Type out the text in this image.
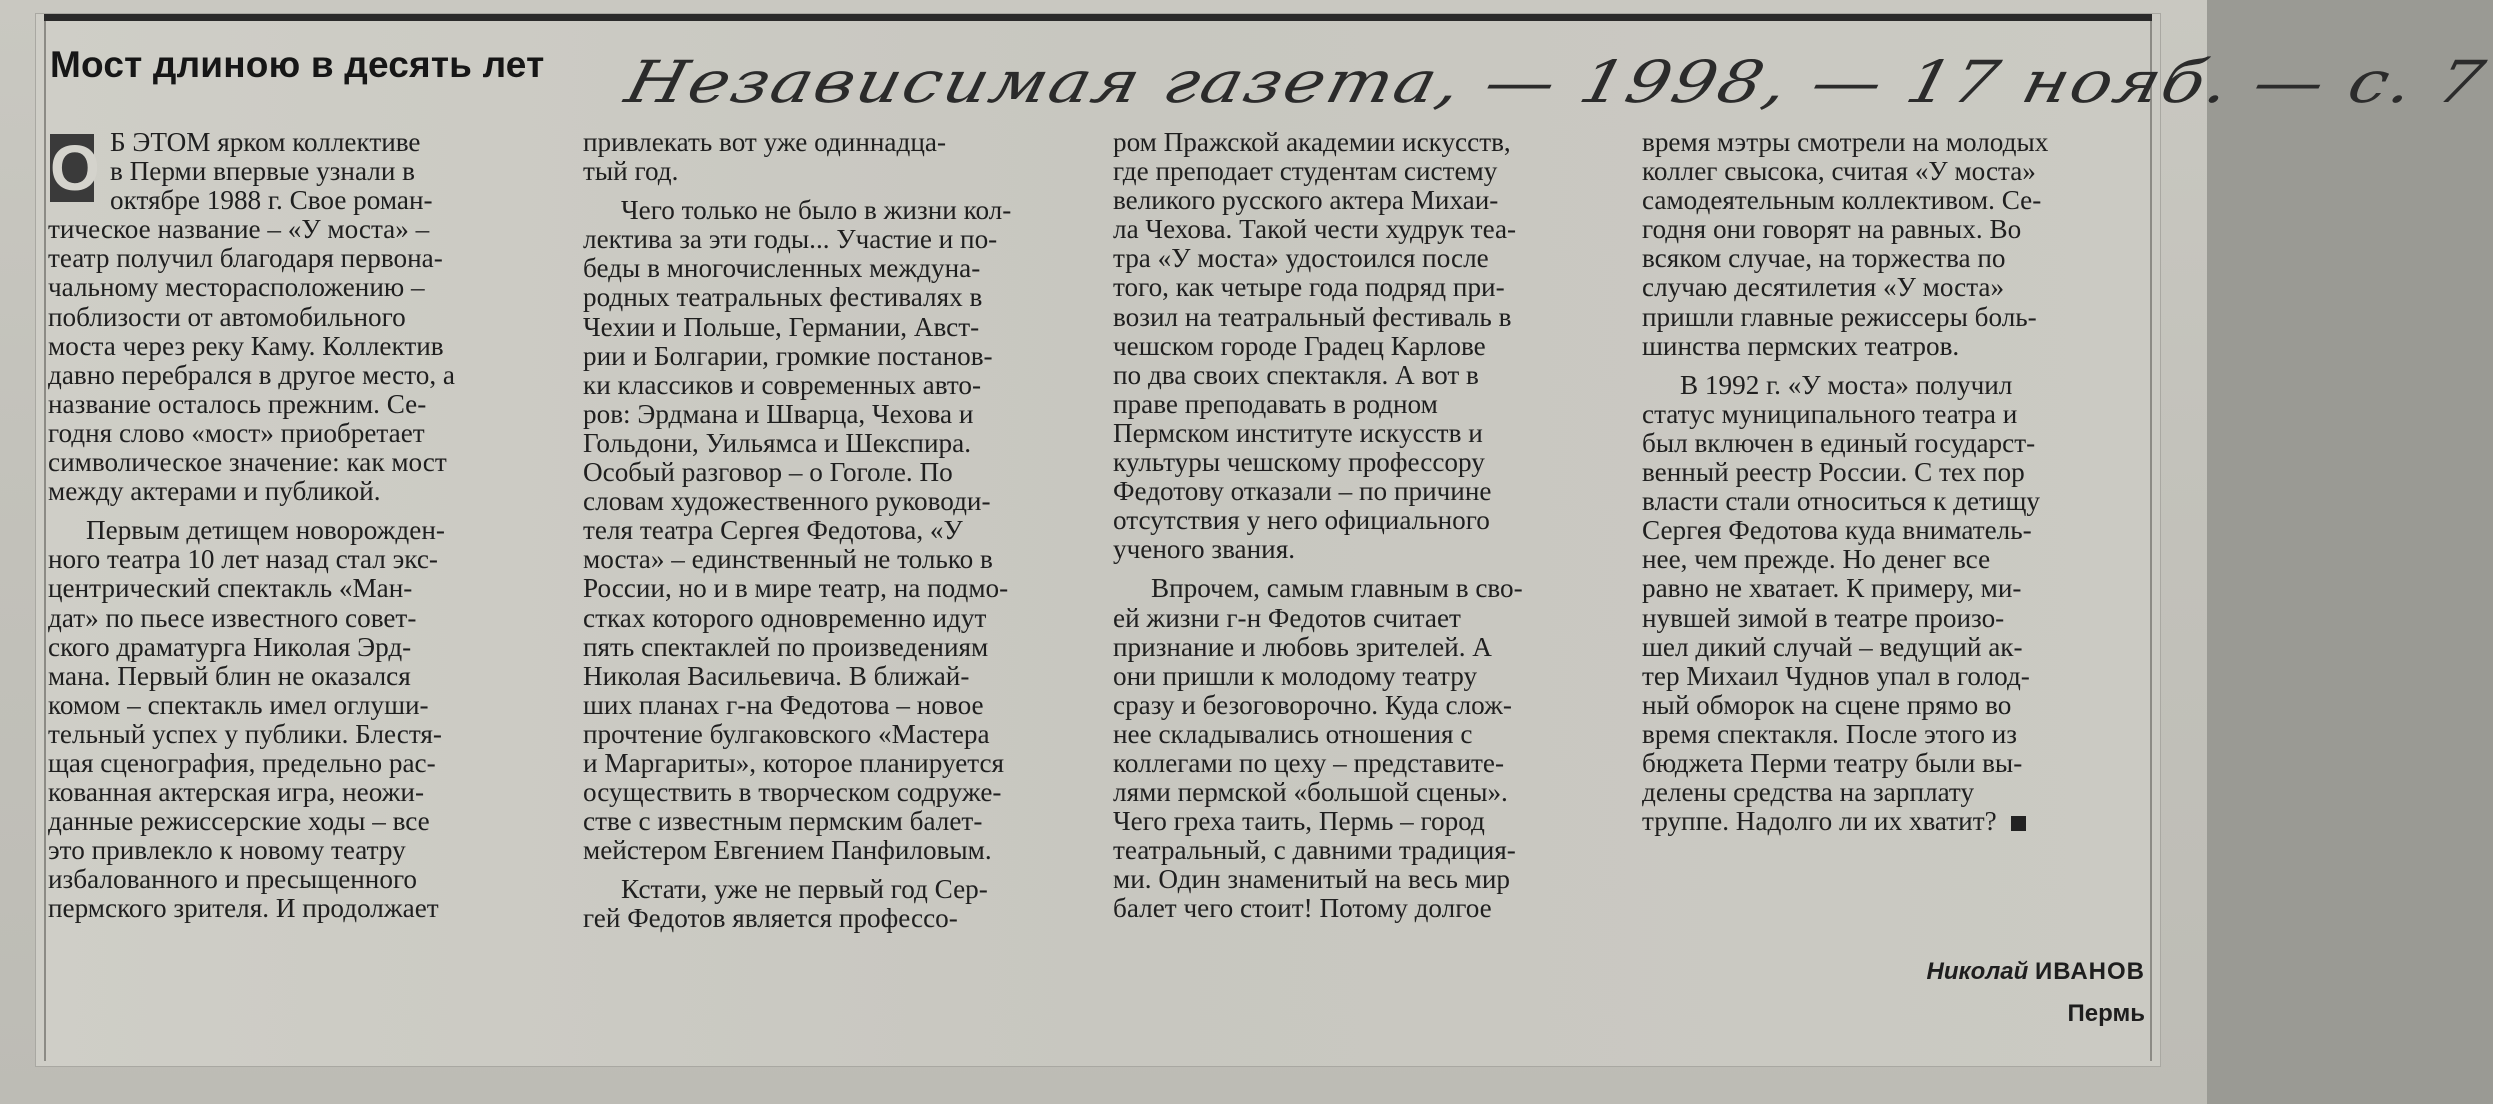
Мост длиною в десять лет Независимая газета, — 1998, — 17 нояб. — с. 7
О Б ЭТОМ ярком коллективе
в Перми впервые узнали в
октябре 1988 г. Свое роман-
тическое название – «У моста» –
театр получил благодаря первона-
чальному месторасположению –
поблизости от автомобильного
моста через реку Каму. Коллектив
давно перебрался в другое место, а
название осталось прежним. Се-
годня слово «мост» приобретает
символическое значение: как мост
между актерами и публикой.
Первым детищем новорожден-
ного театра 10 лет назад стал экс-
центрический спектакль «Ман-
дат» по пьесе известного совет-
ского драматурга Николая Эрд-
мана. Первый блин не оказался
комом – спектакль имел оглуши-
тельный успех у публики. Блестя-
щая сценография, предельно рас-
кованная актерская игра, неожи-
данные режиссерские ходы – все
это привлекло к новому театру
избалованного и пресыщенного
пермского зрителя. И продолжает
привлекать вот уже одиннадца-
тый год.
Чего только не было в жизни кол-
лектива за эти годы... Участие и по-
беды в многочисленных междуна-
родных театральных фестивалях в
Чехии и Польше, Германии, Авст-
рии и Болгарии, громкие постанов-
ки классиков и современных авто-
ров: Эрдмана и Шварца, Чехова и
Гольдони, Уильямса и Шекспира.
Особый разговор – о Гоголе. По
словам художественного руководи-
теля театра Сергея Федотова, «У
моста» – единственный не только в
России, но и в мире театр, на подмо-
стках которого одновременно идут
пять спектаклей по произведениям
Николая Васильевича. В ближай-
ших планах г-на Федотова – новое
прочтение булгаковского «Мастера
и Маргариты», которое планируется
осуществить в творческом содруже-
стве с известным пермским балет-
мейстером Евгением Панфиловым.
Кстати, уже не первый год Сер-
гей Федотов является профессо-
ром Пражской академии искусств,
где преподает студентам систему
великого русского актера Михаи-
ла Чехова. Такой чести худрук теа-
тра «У моста» удостоился после
того, как четыре года подряд при-
возил на театральный фестиваль в
чешском городе Градец Карлове
по два своих спектакля. А вот в
праве преподавать в родном
Пермском институте искусств и
культуры чешскому профессору
Федотову отказали – по причине
отсутствия у него официального
ученого звания.
Впрочем, самым главным в сво-
ей жизни г-н Федотов считает
признание и любовь зрителей. А
они пришли к молодому театру
сразу и безоговорочно. Куда слож-
нее складывались отношения с
коллегами по цеху – представите-
лями пермской «большой сцены».
Чего греха таить, Пермь – город
театральный, с давними традиция-
ми. Один знаменитый на весь мир
балет чего стоит! Потому долгое
время мэтры смотрели на молодых
коллег свысока, считая «У моста»
самодеятельным коллективом. Се-
годня они говорят на равных. Во
всяком случае, на торжества по
случаю десятилетия «У моста»
пришли главные режиссеры боль-
шинства пермских театров.
В 1992 г. «У моста» получил
статус муниципального театра и
был включен в единый государст-
венный реестр России. С тех пор
власти стали относиться к детищу
Сергея Федотова куда вниматель-
нее, чем прежде. Но денег все
равно не хватает. К примеру, ми-
нувшей зимой в театре произо-
шел дикий случай – ведущий ак-
тер Михаил Чуднов упал в голод-
ный обморок на сцене прямо во
время спектакля. После этого из
бюджета Перми театру были вы-
делены средства на зарплату
труппе. Надолго ли их хватит?
Николай ИВАНОВ
Пермь
